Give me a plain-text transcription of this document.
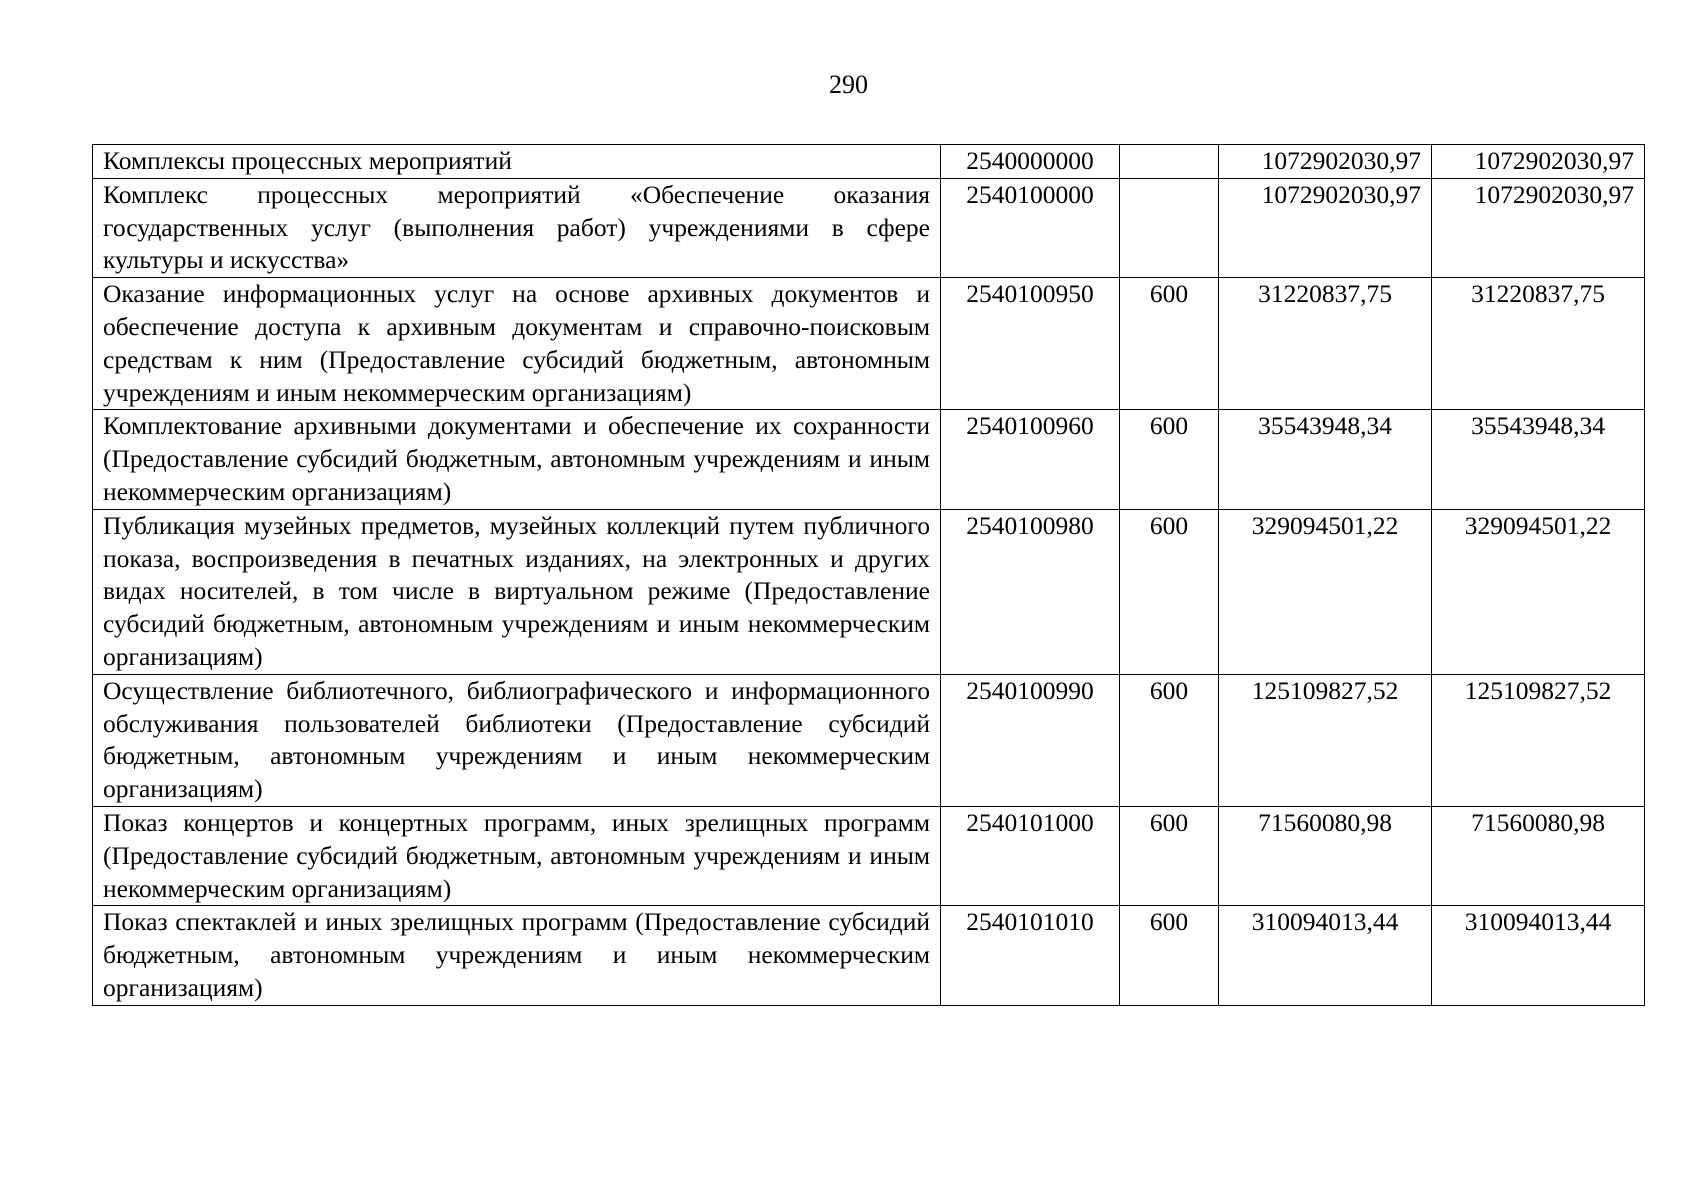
290
Комплексы процессных мероприятий	2540000000		1072902030,97	1072902030,97
Комплекс процессных мероприятий «Обеспечение оказания государственных услуг (выполнения работ) учреждениями в сфере культуры и искусства»	2540100000		1072902030,97	1072902030,97
Оказание информационных услуг на основе архивных документов и обеспечение доступа к архивным документам и справочно-поисковым средствам к ним (Предоставление субсидий бюджетным, автономным учреждениям и иным некоммерческим организациям)	2540100950	600	31220837,75	31220837,75
Комплектование архивными документами и обеспечение их сохранности (Предоставление субсидий бюджетным, автономным учреждениям и иным некоммерческим организациям)	2540100960	600	35543948,34	35543948,34
Публикация музейных предметов, музейных коллекций путем публичного показа, воспроизведения в печатных изданиях, на электронных и других видах носителей, в том числе в виртуальном режиме (Предоставление субсидий бюджетным, автономным учреждениям и иным некоммерческим организациям)	2540100980	600	329094501,22	329094501,22
Осуществление библиотечного, библиографического и информационного обслуживания пользователей библиотеки (Предоставление субсидий бюджетным, автономным учреждениям и иным некоммерческим организациям)	2540100990	600	125109827,52	125109827,52
Показ концертов и концертных программ, иных зрелищных программ (Предоставление субсидий бюджетным, автономным учреждениям и иным некоммерческим организациям)	2540101000	600	71560080,98	71560080,98
Показ спектаклей и иных зрелищных программ (Предоставление субсидий бюджетным, автономным учреждениям и иным некоммерческим организациям)	2540101010	600	310094013,44	310094013,44
